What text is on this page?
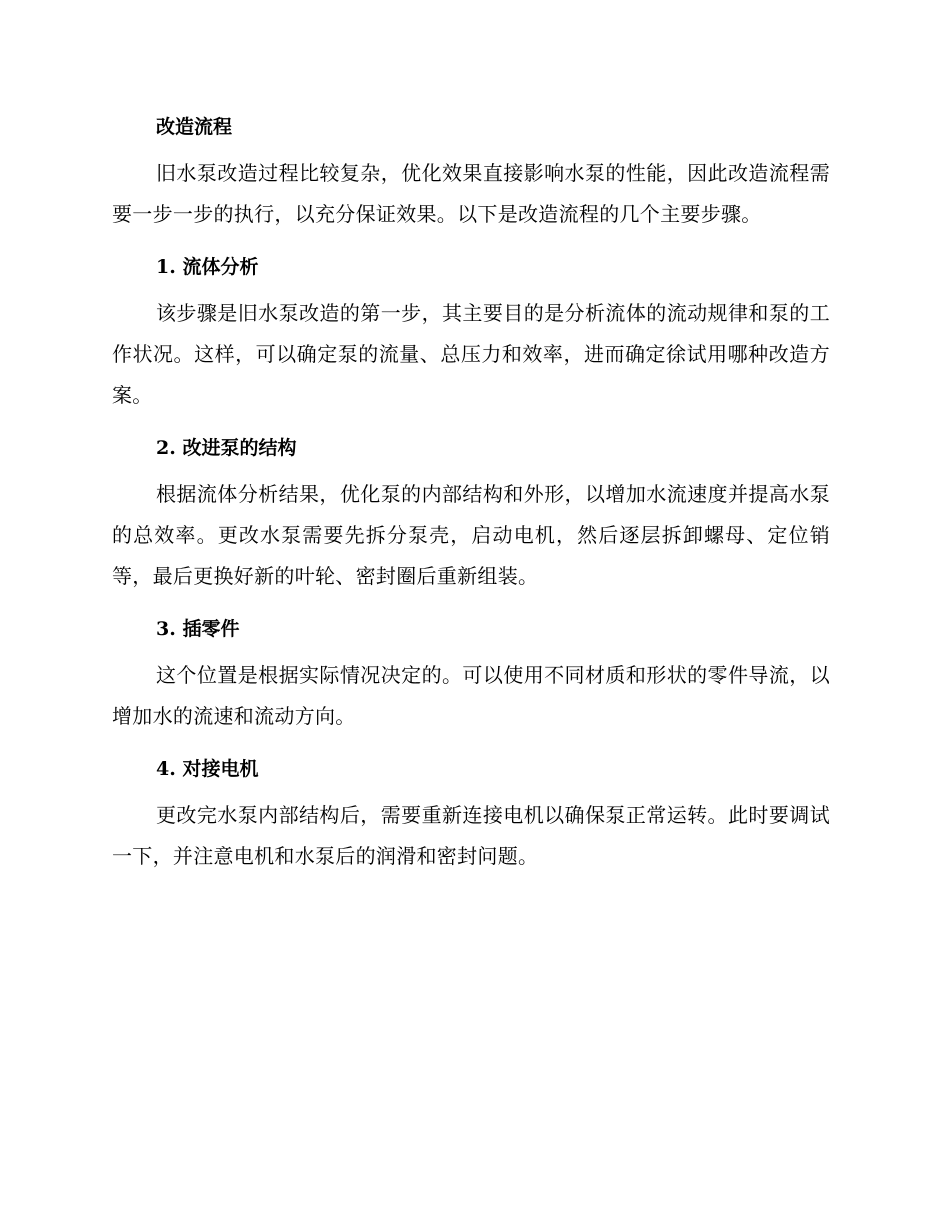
改造流程

旧水泵改造过程比较复杂，优化效果直接影响水泵的性能，因此改造流程需要一步一步的执行，以充分保证效果。以下是改造流程的几个主要步骤。

1. 流体分析

该步骤是旧水泵改造的第一步，其主要目的是分析流体的流动规律和泵的工作状况。这样，可以确定泵的流量、总压力和效率，进而确定徐试用哪种改造方案。

2. 改进泵的结构

根据流体分析结果，优化泵的内部结构和外形，以增加水流速度并提高水泵的总效率。更改水泵需要先拆分泵壳，启动电机，然后逐层拆卸螺母、定位销等，最后更换好新的叶轮、密封圈后重新组装。

3. 插零件

这个位置是根据实际情况决定的。可以使用不同材质和形状的零件导流，以增加水的流速和流动方向。

4. 对接电机

更改完水泵内部结构后，需要重新连接电机以确保泵正常运转。此时要调试一下，并注意电机和水泵后的润滑和密封问题。
